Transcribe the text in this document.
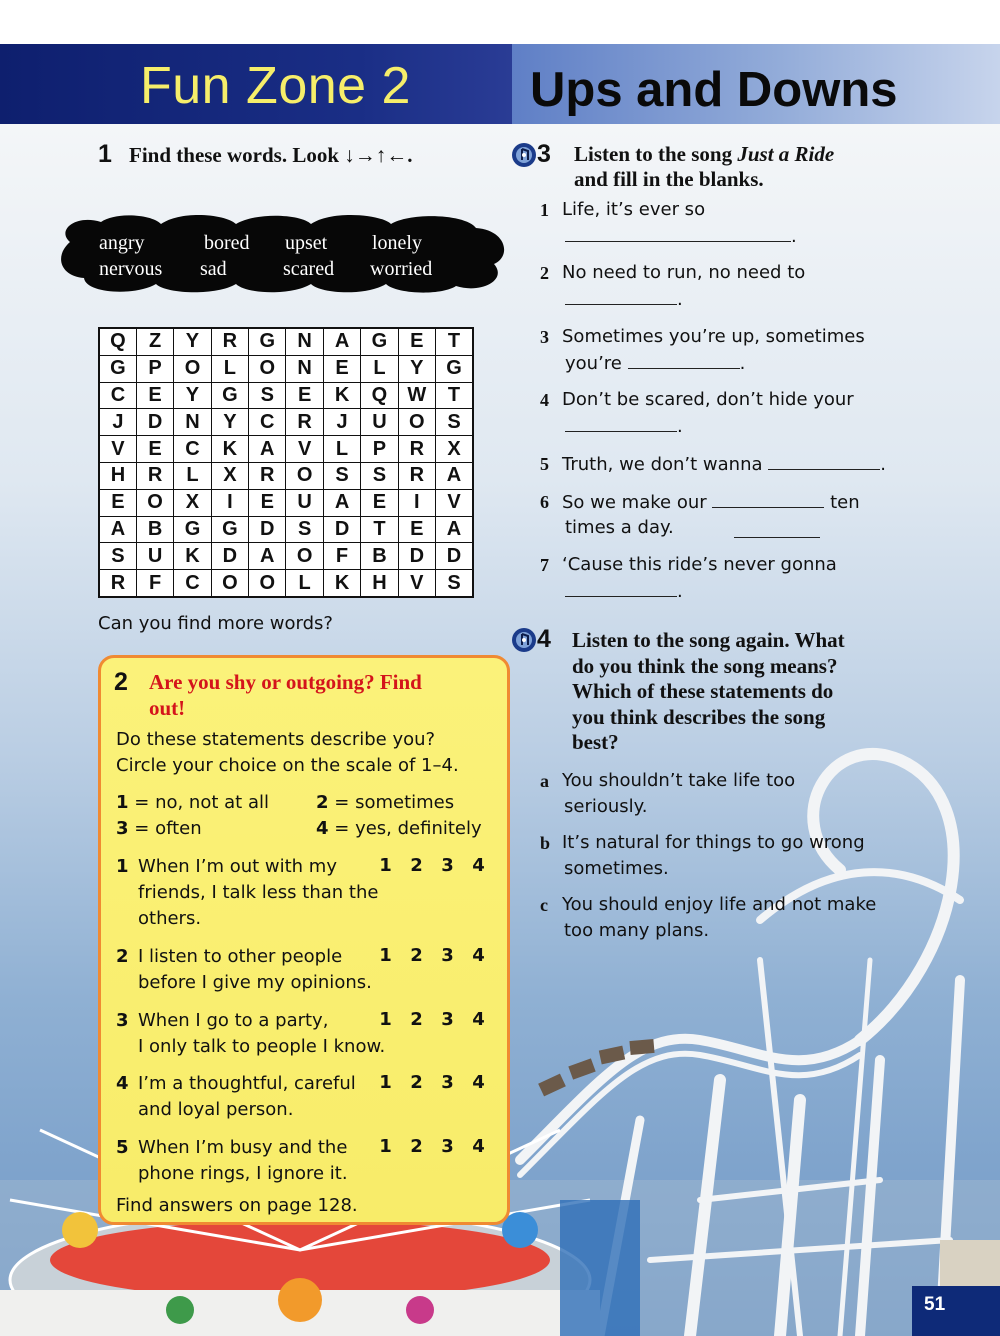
Fun Zone 2 Ups and Downs
1 Find these words. Look ↓→↑←.
angry	bored upset lonely
nervous sad	scared worried
Q	Z	Y	R	G	N	A	G	E	T
G	P	O	L	O	N	E	L	Y	G
C	E	Y	G	S	E	K	Q	W	T
J	D	N	Y	C	R	J	U	O	S
V	E	C	K	A	V	L	P	R	X
H	R	L	X	R	O	S	S	R	A
E	O	X	I	E	U	A	E	I	V
A	B	G	G	D	S	D	T	E	A
S	U	K	D	A	O	F	B	D	D
R	F	C	O	O	L	K	H	V	S
Can you find more words?
2 Are you shy or outgoing? Find
out!
Do these statements describe you?
Circle your choice on the scale of 1–4.
1 = no, not at all	2 = sometimes
3 = often	4 = yes, definitely
1 When I’m out with my
friends, I talk less than the
others.
1 2 3 4
2 I listen to other people
before I give my opinions.
1 2 3 4
3 When I go to a party,
I only talk to people I know.
1 2 3 4
4 I’m a thoughtful, careful
and loyal person.
1 2 3 4
5 When I’m busy and the
phone rings, I ignore it.
1 2 3 4
Find answers on page 128.
3 Listen to the song Just a Ride
and fill in the blanks.
1 Life, it’s ever so
.
2 No need to run, no need to
.
3 Sometimes you’re up, sometimes
you’re	.
4 Don’t be scared, don’t hide your
.
5 Truth, we don’t wanna	.
6 So we make our	ten
times a day.
7 ‘Cause this ride’s never gonna
.
4 Listen to the song again. What
do you think the song means?
Which of these statements do
you think describes the song
best?
a You shouldn’t take life too
seriously.
b It’s natural for things to go wrong
sometimes.
c You should enjoy life and not make
too many plans.
51
